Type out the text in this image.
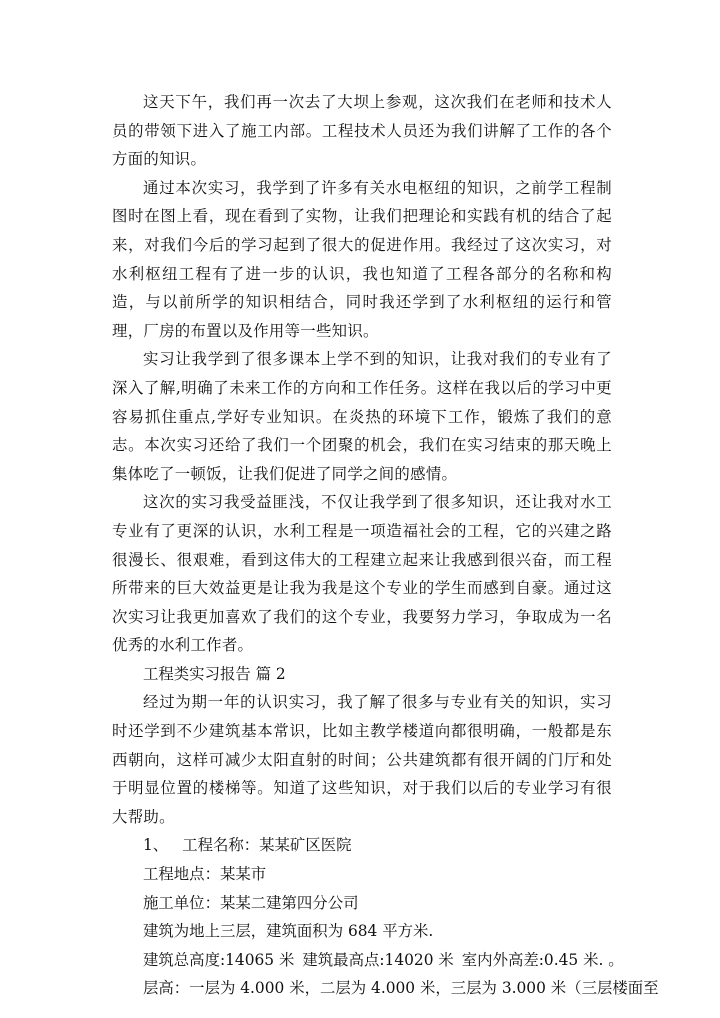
这天下午，我们再一次去了大坝上参观，这次我们在老师和技术人员的带领下进入了施工内部。工程技术人员还为我们讲解了工作的各个方面的知识。

通过本次实习，我学到了许多有关水电枢纽的知识，之前学工程制图时在图上看，现在看到了实物，让我们把理论和实践有机的结合了起来，对我们今后的学习起到了很大的促进作用。我经过了这次实习，对水利枢纽工程有了进一步的认识，我也知道了工程各部分的名称和构造，与以前所学的知识相结合，同时我还学到了水利枢纽的运行和管理，厂房的布置以及作用等一些知识。

实习让我学到了很多课本上学不到的知识，让我对我们的专业有了深入了解,明确了未来工作的方向和工作任务。这样在我以后的学习中更容易抓住重点,学好专业知识。在炎热的环境下工作，锻炼了我们的意志。本次实习还给了我们一个团聚的机会，我们在实习结束的那天晚上集体吃了一顿饭，让我们促进了同学之间的感情。

这次的实习我受益匪浅，不仅让我学到了很多知识，还让我对水工专业有了更深的认识，水利工程是一项造福社会的工程，它的兴建之路很漫长、很艰难，看到这伟大的工程建立起来让我感到很兴奋，而工程所带来的巨大效益更是让我为我是这个专业的学生而感到自豪。通过这次实习让我更加喜欢了我们的这个专业，我要努力学习，争取成为一名优秀的水利工作者。

工程类实习报告 篇 2

经过为期一年的认识实习，我了解了很多与专业有关的知识，实习时还学到不少建筑基本常识，比如主教学楼道向都很明确，一般都是东西朝向，这样可减少太阳直射的时间；公共建筑都有很开阔的门厅和处于明显位置的楼梯等。知道了这些知识，对于我们以后的专业学习有很大帮助。

1、 工程名称：某某矿区医院

工程地点：某某市

施工单位：某某二建第四分公司

建筑为地上三层，建筑面积为 684 平方米.

建筑总高度:14065 米 建筑最高点:14020 米 室内外高差:0.45 米. 。

层高：一层为 4.000 米，二层为 4.000 米，三层为 3.000 米（三层楼面至
